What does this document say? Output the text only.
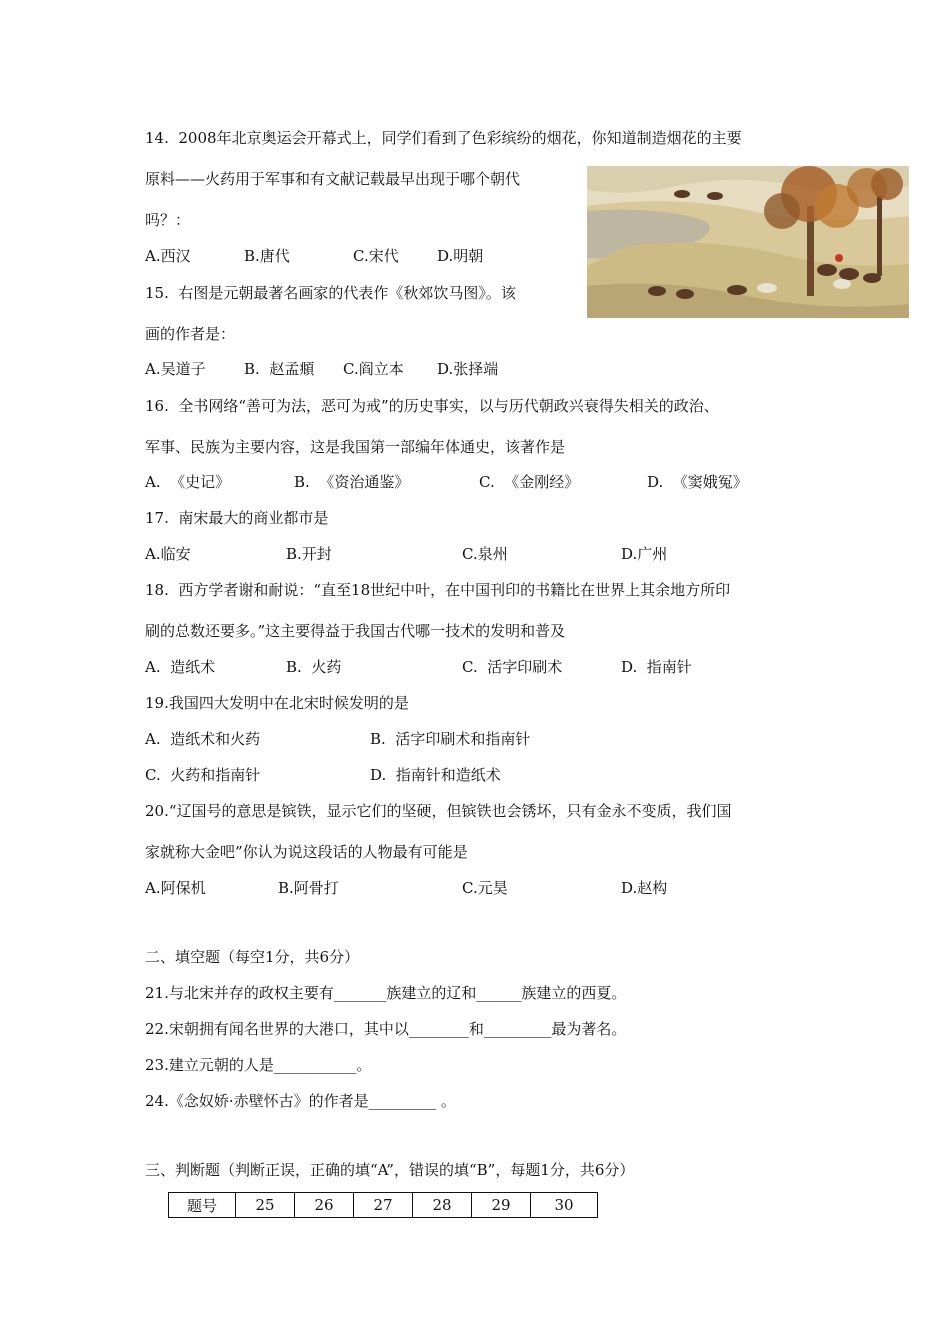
14.  2008年北京奥运会开幕式上，同学们看到了色彩缤纷的烟花，你知道制造烟花的主要
原料——火药用于军事和有文献记载最早出现于哪个朝代
吗？：
A.西汉	B.唐代	C.宋代	D.明朝
15.  右图是元朝最著名画家的代表作《秋郊饮马图》。该
画的作者是：
A.吴道子	B.  赵孟頫 C.阎立本 D.张择端
16.  全书网络“善可为法，恶可为戒”的历史事实，以与历代朝政兴衰得失相关的政治、
军事、民族为主要内容，这是我国第一部编年体通史，该著作是
A.  《史记》	B.  《资治通鉴》	C.  《金刚经》	D.  《窦娥冤》
17.  南宋最大的商业都市是
A.临安	B.开封	C.泉州	D.广州
18.  西方学者谢和耐说：“直至18世纪中叶，在中国刊印的书籍比在世界上其余地方所印
刷的总数还要多。”这主要得益于我国古代哪一技术的发明和普及
A.  造纸术	B.  火药	C.  活字印刷术	D.  指南针
19.我国四大发明中在北宋时候发明的是
A.  造纸术和火药	B.  活字印刷术和指南针
C.  火药和指南针	D.  指南针和造纸术
20.“辽国号的意思是镔铁，显示它们的坚硬，但镔铁也会锈坏，只有金永不变质，我们国
家就称大金吧”你认为说这段话的人物最有可能是
A.阿保机	B.阿骨打	C.元昊	D.赵构
二、填空题（每空1分，共6分）
21.与北宋并存的政权主要有_______族建立的辽和______族建立的西夏。
22.宋朝拥有闻名世界的大港口，其中以________和_________最为著名。
23.建立元朝的人是___________。
24.《念奴娇·赤壁怀古》的作者是_________ 。
三、判断题（判断正误，正确的填“A”，错误的填“B”，每题1分，共6分）
题号	25	26	27	28	29	30
